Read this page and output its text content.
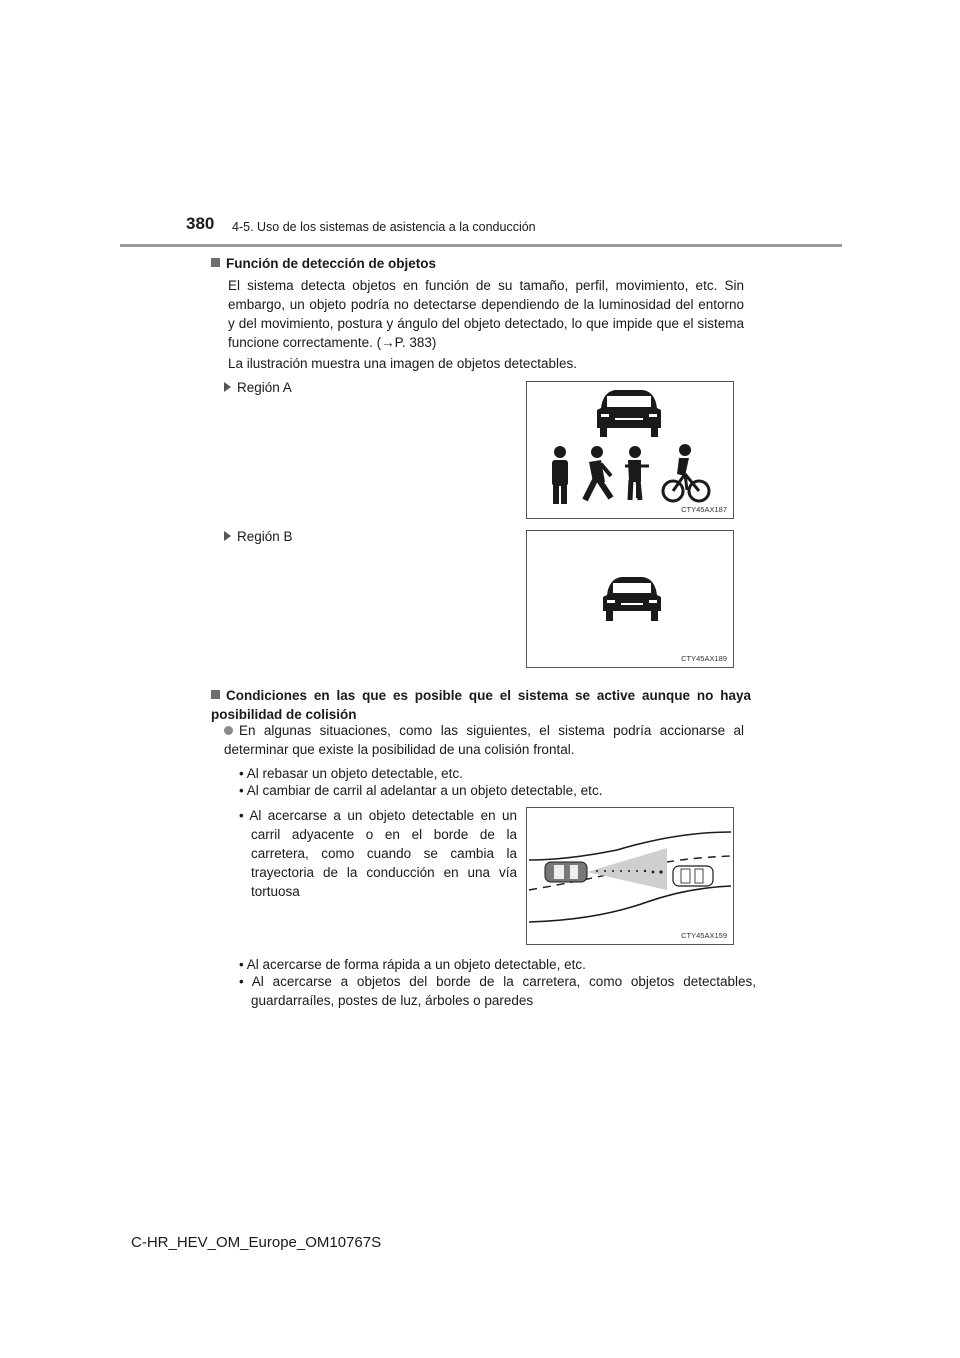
380 4-5. Uso de los sistemas de asistencia a la conducción
Función de detección de objetos
El sistema detecta objetos en función de su tamaño, perfil, movimiento, etc. Sin embargo, un objeto podría no detectarse dependiendo de la luminosidad del entorno y del movimiento, postura y ángulo del objeto detectado, lo que impide que el sistema funcione correctamente. (→P. 383)
La ilustración muestra una imagen de objetos detectables.
Región A
CTY45AX187
Región B
CTY45AX189
Condiciones en las que es posible que el sistema se active aunque no haya posibilidad de colisión
En algunas situaciones, como las siguientes, el sistema podría accionarse al determinar que existe la posibilidad de una colisión frontal.
• Al rebasar un objeto detectable, etc.
• Al cambiar de carril al adelantar a un objeto detectable, etc.
• Al acercarse a un objeto detectable en un carril adyacente o en el borde de la carretera, como cuando se cambia la trayectoria de la conducción en una vía tortuosa
CTY45AX159
• Al acercarse de forma rápida a un objeto detectable, etc.
• Al acercarse a objetos del borde de la carretera, como objetos detectables, guardarraíles, postes de luz, árboles o paredes
C-HR_HEV_OM_Europe_OM10767S
